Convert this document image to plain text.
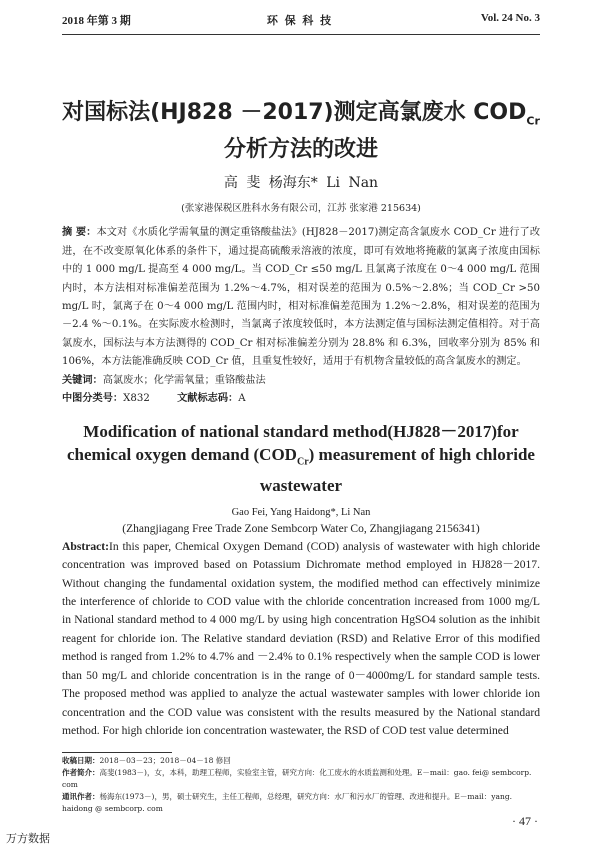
2018 年第 3 期	环 保 科 技	Vol. 24 No. 3
对国标法(HJ828 －2017)测定高氯废水 $COD_{Cr}$
分析方法的改进
高 斐 杨海东* Li Nan
(张家港保税区胜科水务有限公司，江苏 张家港 215634)
摘 要：本文对《水质化学需氧量的测定重铬酸盐法》(HJ828－2017)测定高含氯废水 COD_Cr 进行了改进，在不改变原氧化体系的条件下，通过提高硫酸汞溶液的浓度，即可有效地将掩蔽的氯离子浓度由国标中的 1 000 mg/L 提高至 4 000 mg/L。当 COD_Cr ≤50 mg/L 且氯离子浓度在 0～4 000 mg/L 范围内时，本方法相对标准偏差范围为 1.2%～4.7%，相对误差的范围为 0.5%～2.8%；当 COD_Cr >50 mg/L 时，氯离子在 0～4 000 mg/L 范围内时，相对标准偏差范围为 1.2%～2.8%，相对误差的范围为 －2.4 %～0.1%。在实际废水检测时，当氯离子浓度较低时，本方法测定值与国标法测定值相符。对于高氯废水，国标法与本方法测得的 COD_Cr 相对标准偏差分别为 28.8% 和 6.3%，回收率分别为 85% 和 106%，本方法能准确反映 COD_Cr 值，且重复性较好，适用于有机物含量较低的高含氯废水的测定。
关键词：高氯废水；化学需氧量；重铬酸盐法
中图分类号：X832	文献标志码：A
Modification of national standard method(HJ828－2017)for
chemical oxygen demand $(COD_{Cr})$ measurement of high chloride wastewater
Gao Fei, Yang Haidong*, Li Nan
(Zhangjiagang Free Trade Zone Sembcorp Water Co, Zhangjiagang 2156341)
Abstract:In this paper, Chemical Oxygen Demand (COD) analysis of wastewater with high chloride concentration was improved based on Potassium Dichromate method employed in HJ828－2017. Without changing the fundamental oxidation system, the modified method can effectively minimize the interference of chloride to COD value with the chloride concentration increased from 1000 mg/L in National standard method to 4 000 mg/L by using high concentration HgSO4 solution as the inhibit reagent for chloride ion. The Relative standard deviation (RSD) and Relative Error of this modified method is ranged from 1.2% to 4.7% and －2.4% to 0.1% respectively when the sample COD is lower than 50 mg/L and chloride concentration is in the range of 0－4000mg/L for standard sample tests. The proposed method was applied to analyze the actual wastewater samples with lower chloride ion concentration and the COD value was consistent with the results measured by the National standard method. For high chloride ion concentration wastewater, the RSD of COD test value determined
收稿日期：2018－03－23；2018－04－18 修回
作者简介：高斐(1983－)，女，本科，助理工程师，实验室主管，研究方向：化工废水的水质监测和处理。E－mail：gao. fei@ sembcorp. com
通讯作者：杨海东(1973－)，男，硕士研究生，主任工程师，总经理，研究方向：水厂和污水厂的管理、改进和提升。E－mail：yang. haidong @ sembcorp. com
· 47 ·
万方数据
